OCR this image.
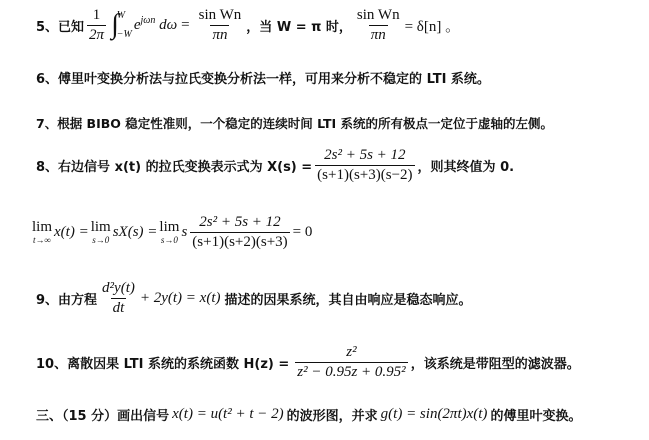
5、已知 $\frac{1}{2\pi}$ ∫
W
−W
$e^{j\omega n}$ $d\omega = \frac{\text{sin Wn}}{\pi n}$ ，当 W = π 时， $\frac{\text{sin Wn}}{\pi n} = \delta[n]$ 。
6、傅里叶变换分析法与拉氏变换分析法一样，可用来分析不稳定的 LTI 系统。
7、根据 BIBO 稳定性准则，一个稳定的连续时间 LTI 系统的所有极点一定位于虚轴的左侧。
8、右边信号 x(t) 的拉氏变换表示式为 $X(s) = \frac{\text{2s² + 5s + 12}}{(s+1)(s+3)(s-2)}$ ，则其终值为 0.
lim
t→∞
x(t) = lim
s→0
sX(s) = lim
s→0
s $\frac{\text{2s² + 5s + 12}}{(s+1)(s+2)(s+3)} = 0$
9、由方程 $\frac{\text{d²y(t)}}{dt} + 2y(t) = x(t)$ 描述的因果系统，其自由响应是稳态响应。
10、离散因果 LTI 系统的系统函数 $H(z) = \frac{\text{z²}}{\text{z² − 0.95z + 0.95²}}$ ，该系统是带阻型的滤波器。
三、（15 分）画出信号 x(t) = u(t² + t − 2) 的波形图，并求 g(t) = sin(2πt)x(t) 的傅里叶变换。
